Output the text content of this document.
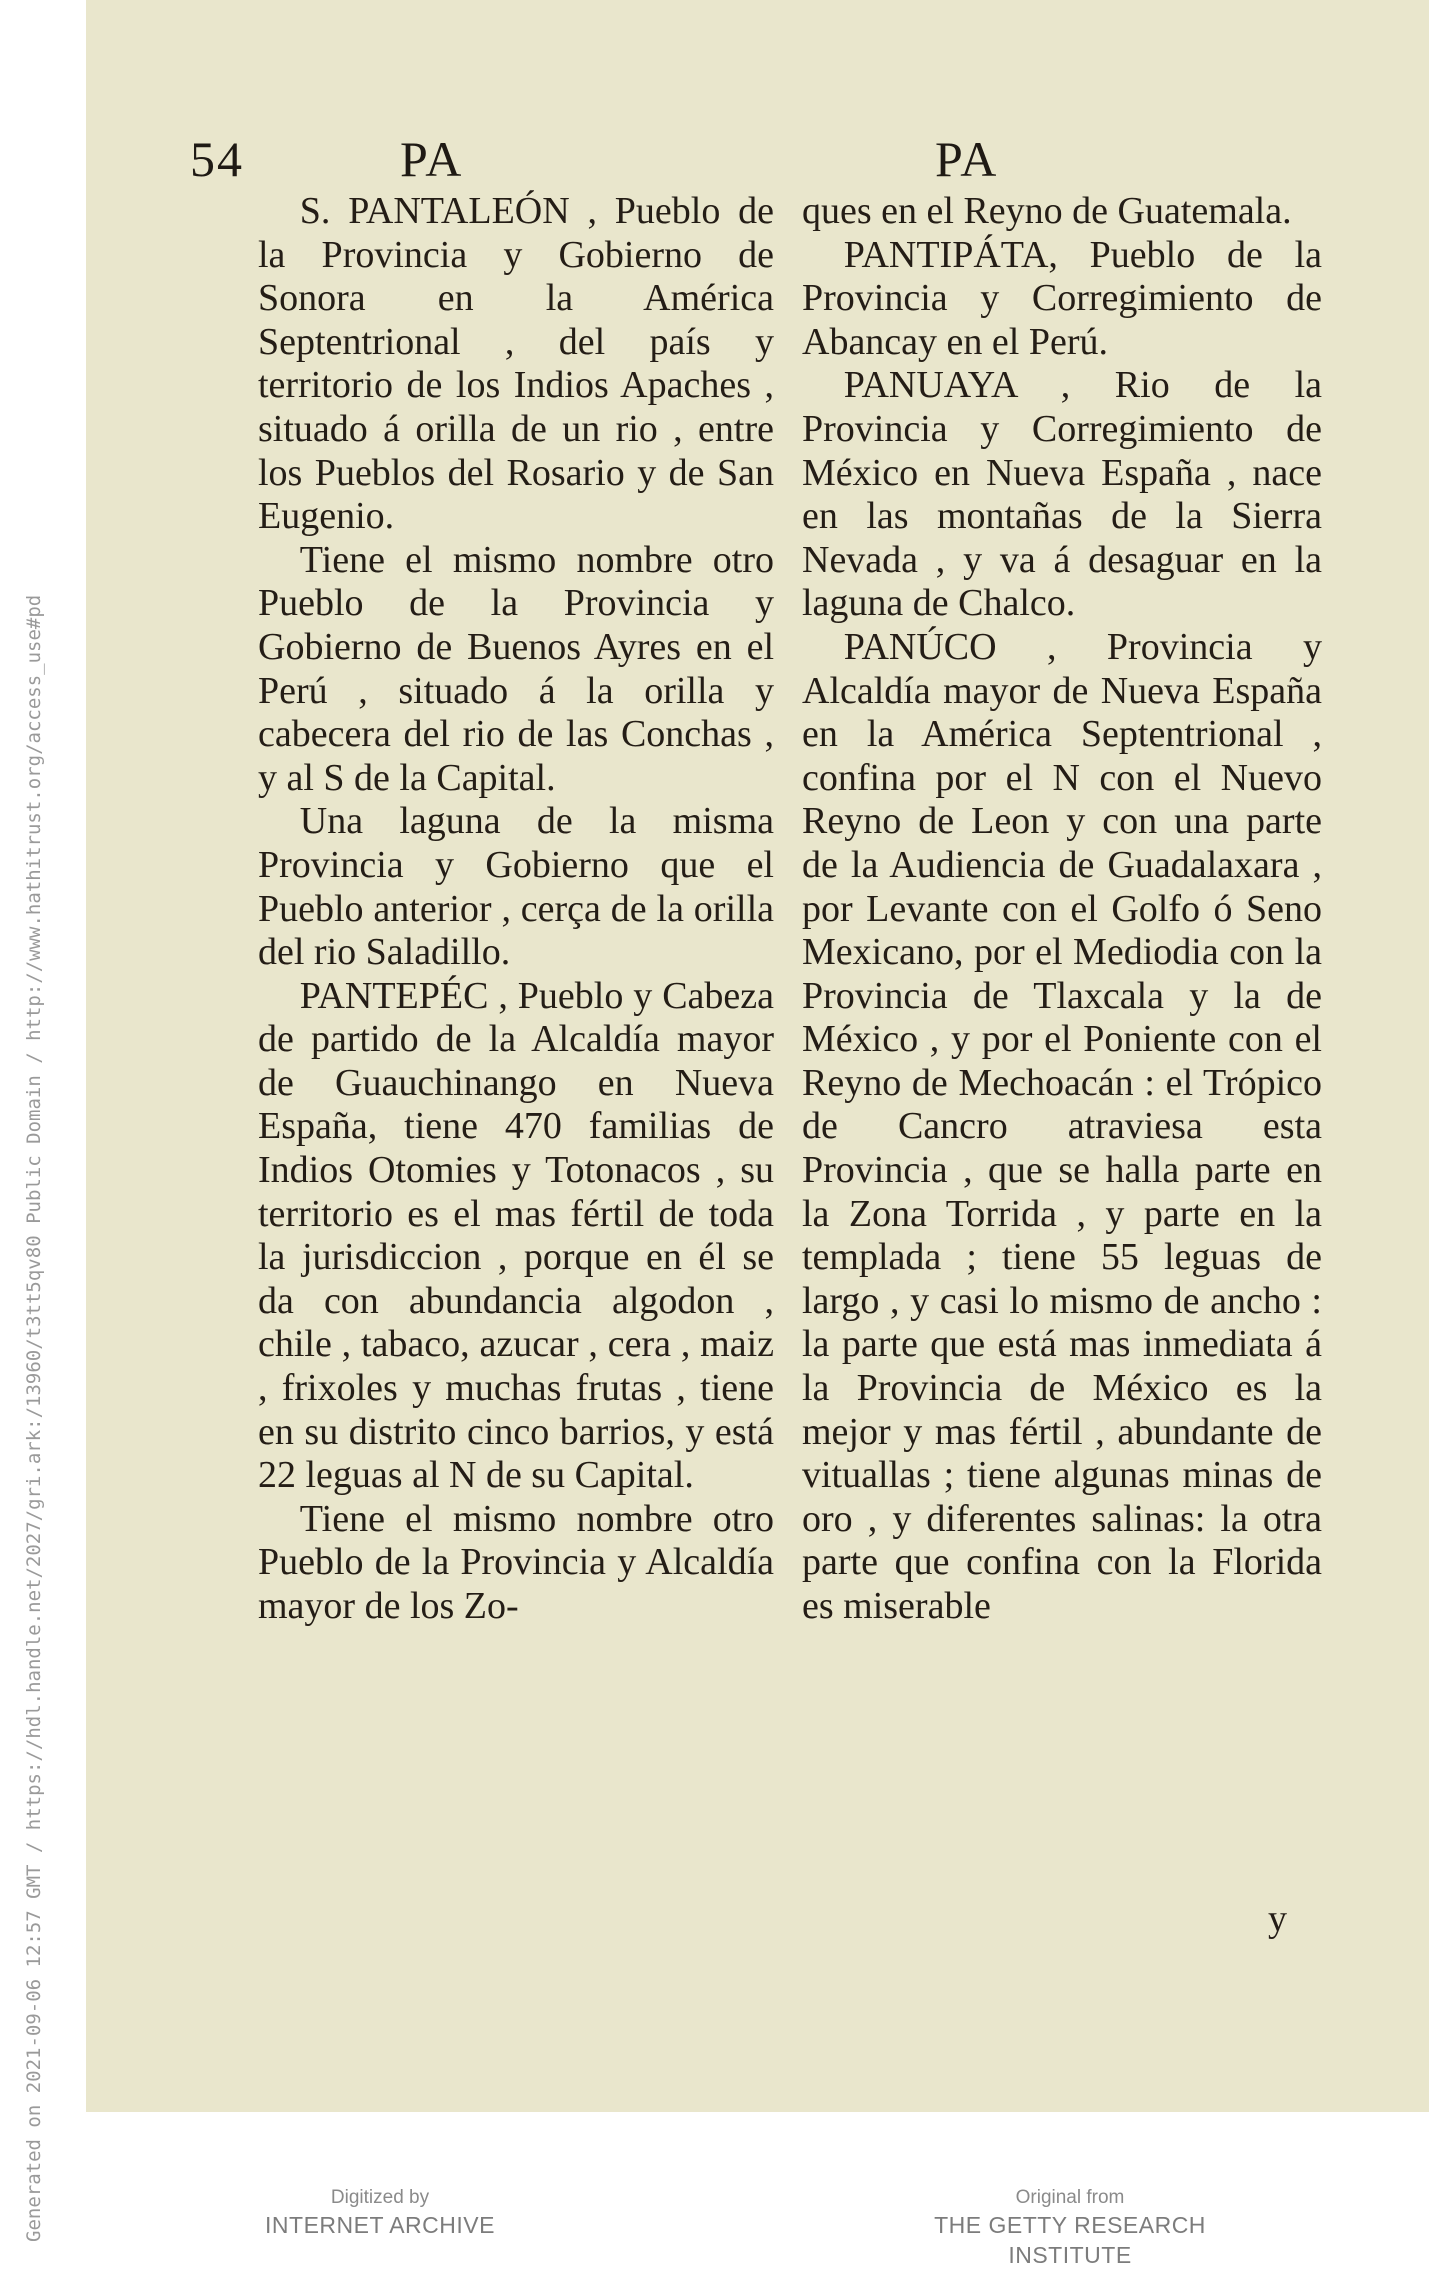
Generated on 2021-09-06 12:57 GMT / https://hdl.handle.net/2027/gri.ark:/13960/t3tt5qv80 Public Domain / http://www.hathitrust.org/access_use#pd
54	PA	PA

S. PANTALEÓN , Pueblo de la Provincia y Gobierno de Sonora en la América Septentrional , del país y territorio de los Indios Apaches , situado á orilla de un rio , entre los Pueblos del Rosario y de San Eugenio.

Tiene el mismo nombre otro Pueblo de la Provincia y Gobierno de Buenos Ayres en el Perú , situado á la orilla y cabecera del rio de las Conchas , y al S de la Capital.

Una laguna de la misma Provincia y Gobierno que el Pueblo anterior , cerça de la orilla del rio Saladillo.

PANTEPÉC , Pueblo y Cabeza de partido de la Alcaldía mayor de Guauchinango en Nueva España, tiene 470 familias de Indios Otomies y Totonacos , su territorio es el mas fértil de toda la jurisdiccion , porque en él se da con abundancia algodon , chile , tabaco, azucar , cera , maiz , frixoles y muchas frutas , tiene en su distrito cinco barrios, y está 22 leguas al N de su Capital.

Tiene el mismo nombre otro Pueblo de la Provincia y Alcaldía mayor de los Zo-

ques en el Reyno de Guatemala.

PANTIPÁTA, Pueblo de la Provincia y Corregimiento de Abancay en el Perú.

PANUAYA , Rio de la Provincia y Corregimiento de México en Nueva España , nace en las montañas de la Sierra Nevada , y va á desaguar en la laguna de Chalco.

PANÚCO , Provincia y Alcaldía mayor de Nueva España en la América Septentrional , confina por el N con el Nuevo Reyno de Leon y con una parte de la Audiencia de Guadalaxara , por Levante con el Golfo ó Seno Mexicano, por el Mediodia con la Provincia de Tlaxcala y la de México , y por el Poniente con el Reyno de Mechoacán : el Trópico de Cancro atraviesa esta Provincia , que se halla parte en la Zona Torrida , y parte en la templada ; tiene 55 leguas de largo , y casi lo mismo de ancho : la parte que está mas inmediata á la Provincia de México es la mejor y mas fértil , abundante de vituallas ; tiene algunas minas de oro , y diferentes salinas: la otra parte que confina con la Florida es miserable

y
Digitized by
INTERNET ARCHIVE
Original from
THE GETTY RESEARCH INSTITUTE
